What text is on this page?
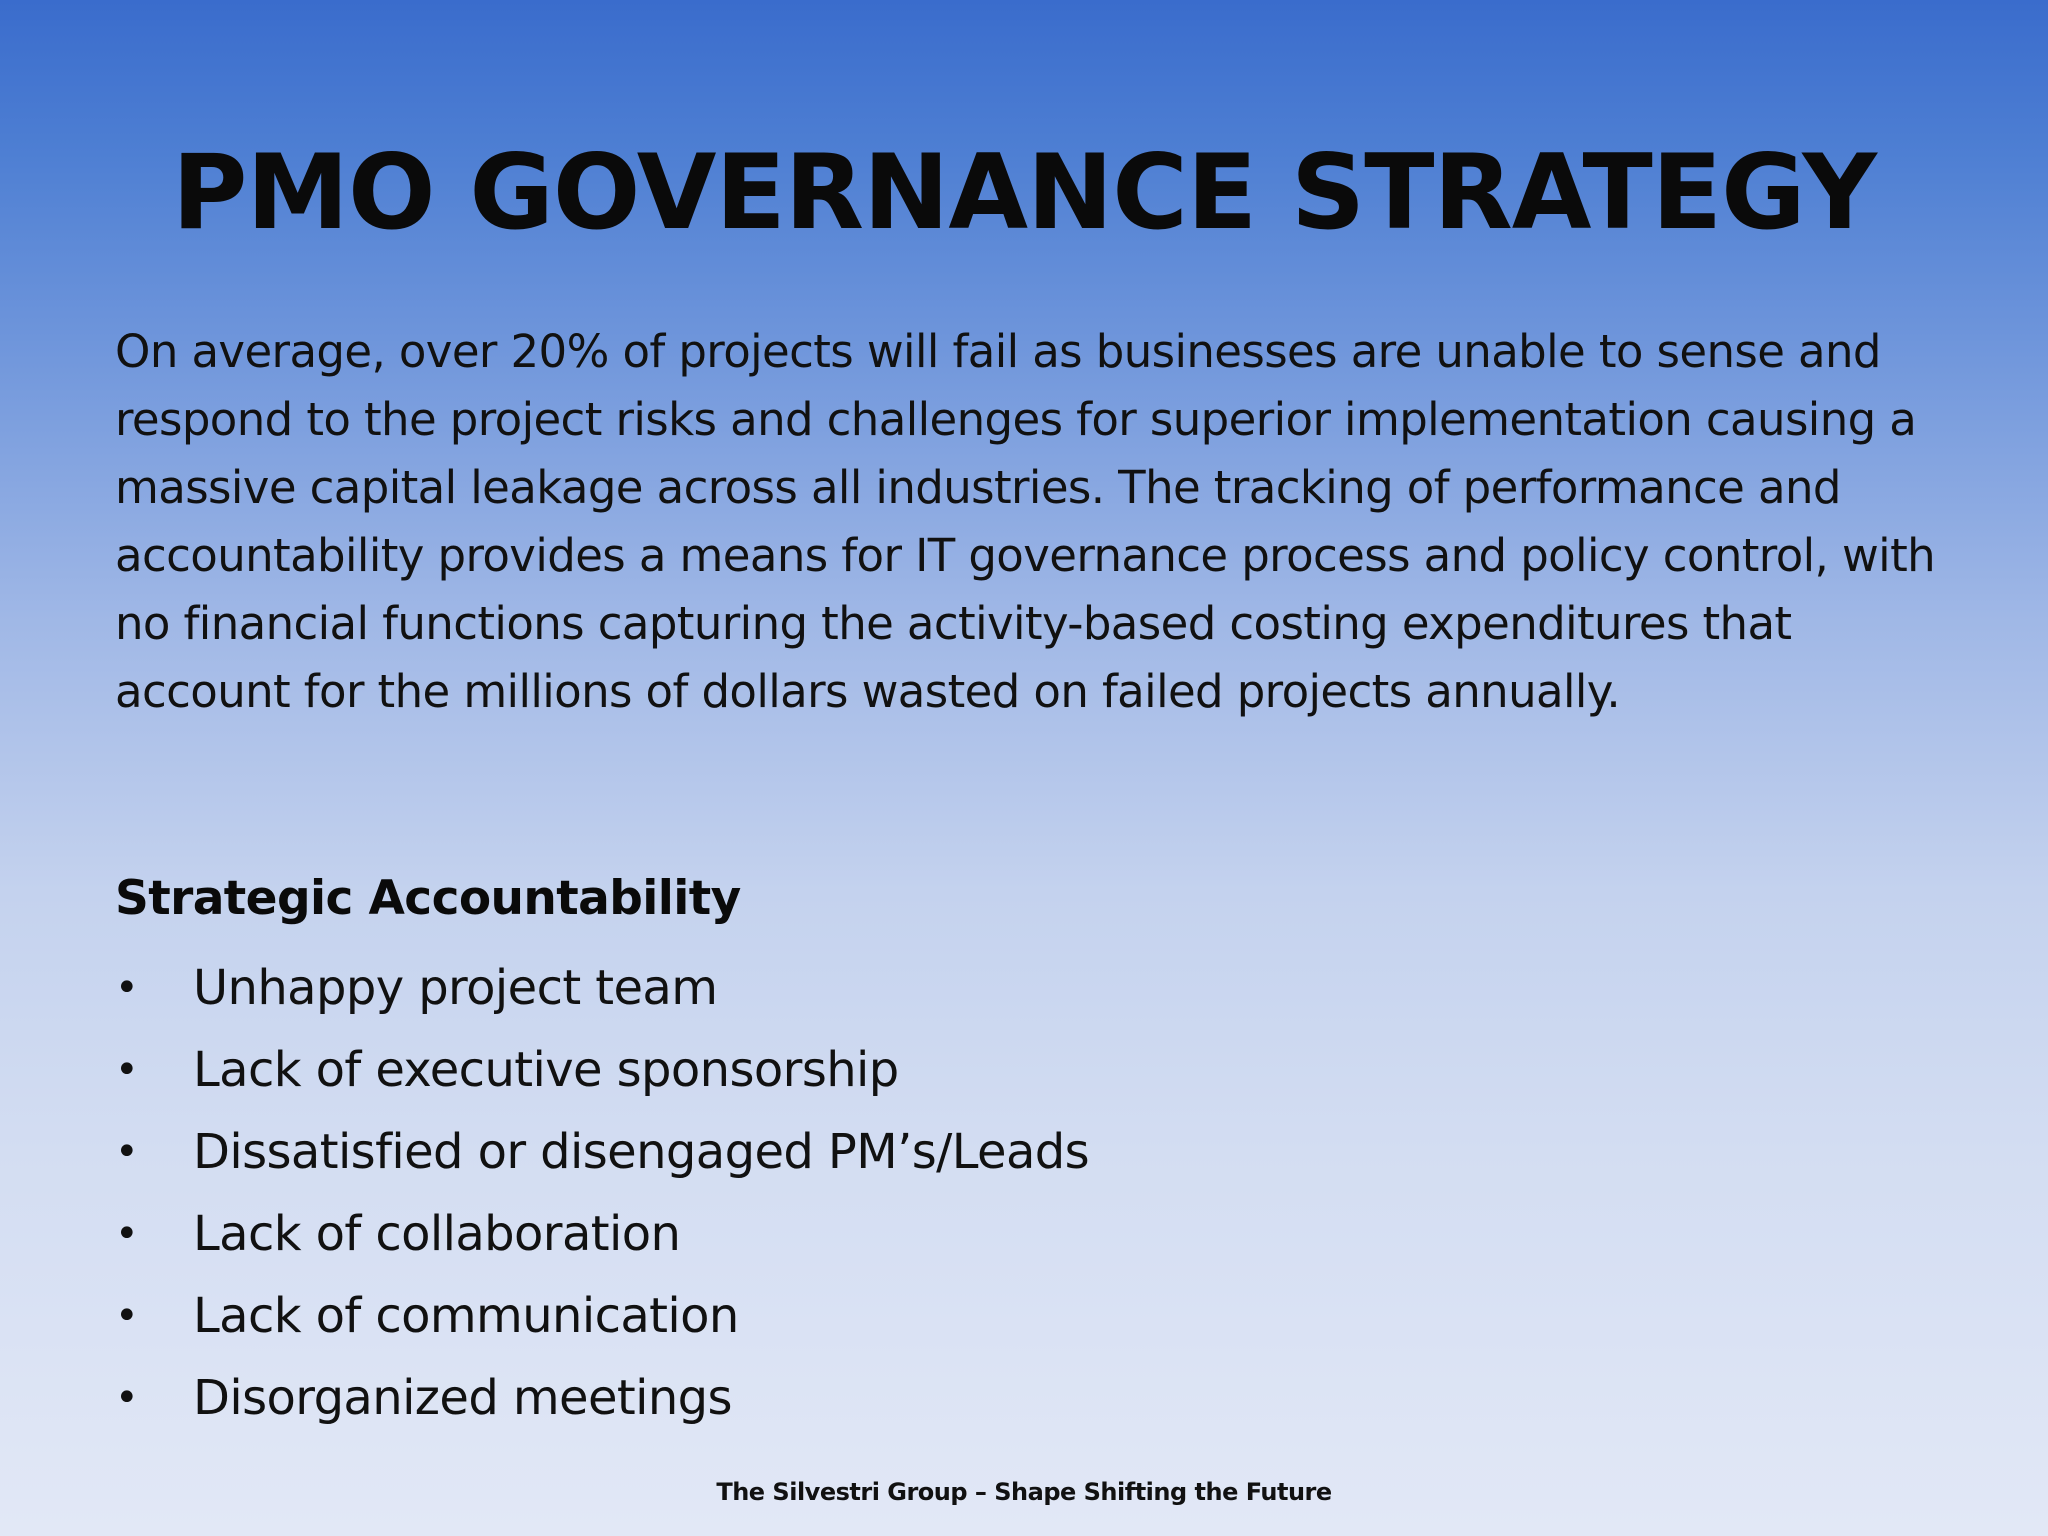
PMO GOVERNANCE STRATEGY

On average, over 20% of projects will fail as businesses are unable to sense and respond to the project risks and challenges for superior implementation causing a massive capital leakage across all industries. The tracking of performance and accountability provides a means for IT governance process and policy control, with no financial functions capturing the activity-based costing expenditures that account for the millions of dollars wasted on failed projects annually.

Strategic Accountability
•	Unhappy project team
•	Lack of executive sponsorship
•	Dissatisfied or disengaged PM’s/Leads
•	Lack of collaboration
•	Lack of communication
•	Disorganized meetings
The Silvestri Group – Shape Shifting the Future
